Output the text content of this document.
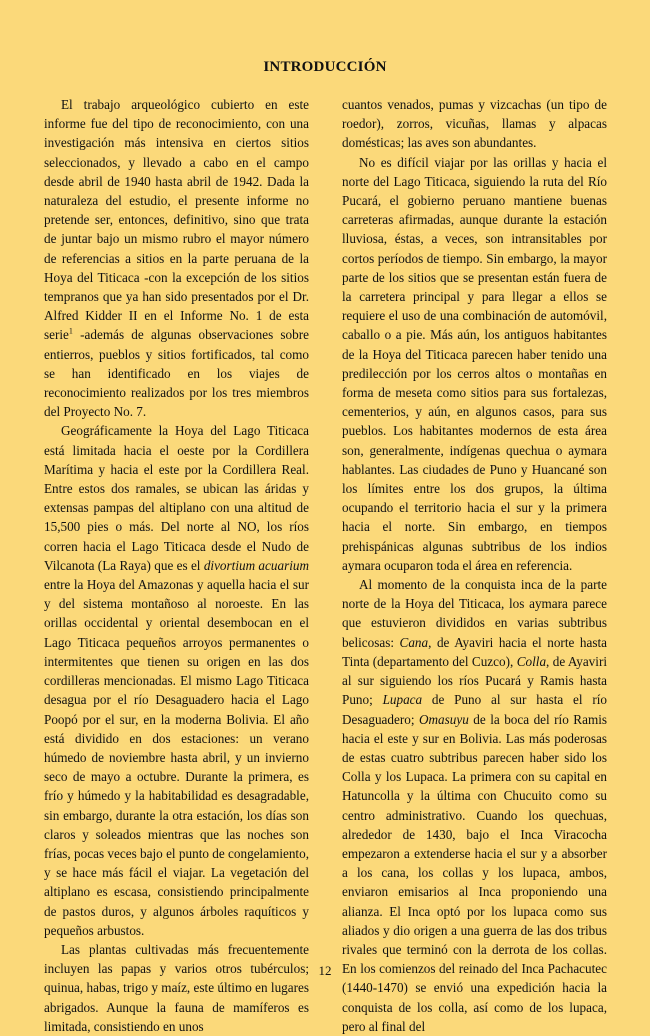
INTRODUCCIÓN

El trabajo arqueológico cubierto en este informe fue del tipo de reconocimiento, con una investigación más intensiva en ciertos sitios seleccionados, y llevado a cabo en el campo desde abril de 1940 hasta abril de 1942. Dada la naturaleza del estudio, el presente informe no pretende ser, entonces, definitivo, sino que trata de juntar bajo un mismo rubro el mayor número de referencias a sitios en la parte peruana de la Hoya del Titicaca -con la excepción de los sitios tempranos que ya han sido presentados por el Dr. Alfred Kidder II en el Informe No. 1 de esta serie$^1$ -además de algunas observaciones sobre entierros, pueblos y sitios fortificados, tal como se han identificado en los viajes de reconocimiento realizados por los tres miembros del Proyecto No. 7.

Geográficamente la Hoya del Lago Titicaca está limitada hacia el oeste por la Cordillera Marítima y hacia el este por la Cordillera Real. Entre estos dos ramales, se ubican las áridas y extensas pampas del altiplano con una altitud de 15,500 pies o más. Del norte al NO, los ríos corren hacia el Lago Titicaca desde el Nudo de Vilcanota (La Raya) que es el divortium acuarium entre la Hoya del Amazonas y aquella hacia el sur y del sistema montañoso al noroeste. En las orillas occidental y oriental desembocan en el Lago Titicaca pequeños arroyos permanentes o intermitentes que tienen su origen en las dos cordilleras mencionadas. El mismo Lago Titicaca desagua por el río Desaguadero hacia el Lago Poopó por el sur, en la moderna Bolivia. El año está dividido en dos estaciones: un verano húmedo de noviembre hasta abril, y un invierno seco de mayo a octubre. Durante la primera, es frío y húmedo y la habitabilidad es desagradable, sin embargo, durante la otra estación, los días son claros y soleados mientras que las noches son frías, pocas veces bajo el punto de congelamiento, y se hace más fácil el viajar. La vegetación del altiplano es escasa, consistiendo principalmente de pastos duros, y algunos árboles raquíticos y pequeños arbustos.

Las plantas cultivadas más frecuentemente incluyen las papas y varios otros tubérculos; quinua, habas, trigo y maíz, este último en lugares abrigados. Aunque la fauna de mamíferos es limitada, consistiendo en unos

cuantos venados, pumas y vizcachas (un tipo de roedor), zorros, vicuñas, llamas y alpacas domésticas; las aves son abundantes.

No es difícil viajar por las orillas y hacia el norte del Lago Titicaca, siguiendo la ruta del Río Pucará, el gobierno peruano mantiene buenas carreteras afirmadas, aunque durante la estación lluviosa, éstas, a veces, son intransitables por cortos períodos de tiempo. Sin embargo, la mayor parte de los sitios que se presentan están fuera de la carretera principal y para llegar a ellos se requiere el uso de una combinación de automóvil, caballo o a pie. Más aún, los antiguos habitantes de la Hoya del Titicaca parecen haber tenido una predilección por los cerros altos o montañas en forma de meseta como sitios para sus fortalezas, cementerios, y aún, en algunos casos, para sus pueblos. Los habitantes modernos de esta área son, generalmente, indígenas quechua o aymara hablantes. Las ciudades de Puno y Huancané son los límites entre los dos grupos, la última ocupando el territorio hacia el sur y la primera hacia el norte. Sin embargo, en tiempos prehispánicas algunas subtribus de los indios aymara ocuparon toda el área en referencia.

Al momento de la conquista inca de la parte norte de la Hoya del Titicaca, los aymara parece que estuvieron divididos en varias subtribus belicosas: Cana, de Ayaviri hacia el norte hasta Tinta (departamento del Cuzco), Colla, de Ayaviri al sur siguiendo los ríos Pucará y Ramis hasta Puno; Lupaca de Puno al sur hasta el río Desaguadero; Omasuyu de la boca del río Ramis hacia el este y sur en Bolivia. Las más poderosas de estas cuatro subtribus parecen haber sido los Colla y los Lupaca. La primera con su capital en Hatuncolla y la última con Chucuito como su centro administrativo. Cuando los quechuas, alrededor de 1430, bajo el Inca Viracocha empezaron a extenderse hacia el sur y a absorber a los cana, los collas y los lupaca, ambos, enviaron emisarios al Inca proponiendo una alianza. El Inca optó por los lupaca como sus aliados y dio origen a una guerra de las dos tribus rivales que terminó con la derrota de los collas. En los comienzos del reinado del Inca Pachacutec (1440-1470) se envió una expedición hacia la conquista de los colla, así como de los lupaca, pero al final del

12
